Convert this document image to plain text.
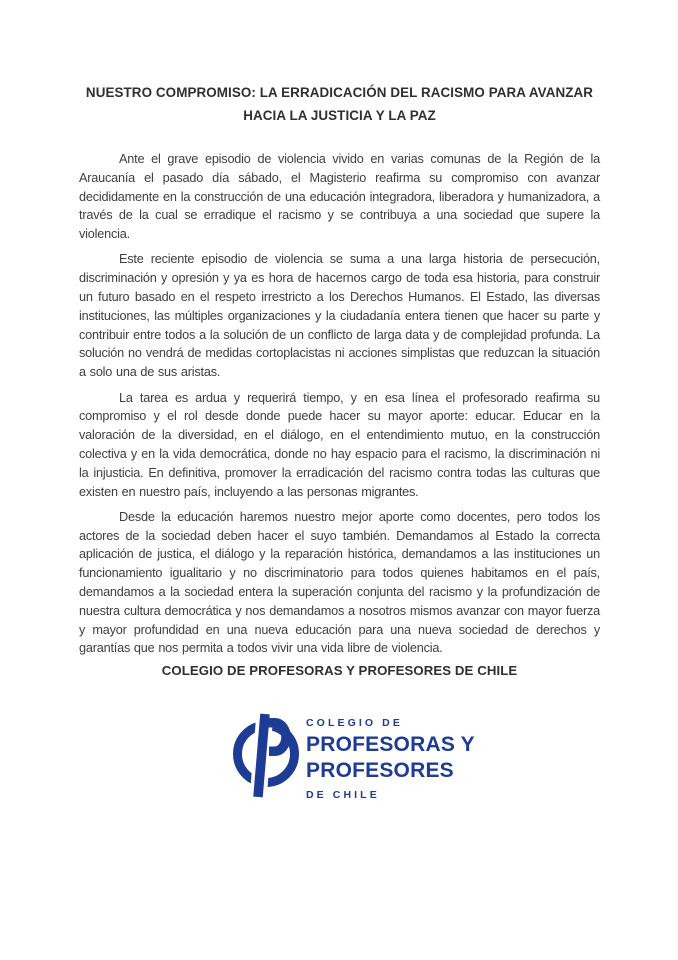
NUESTRO COMPROMISO: LA ERRADICACIÓN DEL RACISMO PARA AVANZAR
HACIA LA JUSTICIA Y LA PAZ

Ante el grave episodio de violencia vivido en varias comunas de la Región de la Araucanía el pasado día sábado, el Magisterio reafirma su compromiso con avanzar decididamente en la construcción de una educación integradora, liberadora y humanizadora, a través de la cual se erradique el racismo y se contribuya a una sociedad que supere la violencia.

Este reciente episodio de violencia se suma a una larga historia de persecución, discriminación y opresión y ya es hora de hacernos cargo de toda esa historia, para construir un futuro basado en el respeto irrestricto a los Derechos Humanos. El Estado, las diversas instituciones, las múltiples organizaciones y la ciudadanía entera tienen que hacer su parte y contribuir entre todos a la solución de un conflicto de larga data y de complejidad profunda. La solución no vendrá de medidas cortoplacistas ni acciones simplistas que reduzcan la situación a solo una de sus aristas.

La tarea es ardua y requerirá tiempo, y en esa línea el profesorado reafirma su compromiso y el rol desde donde puede hacer su mayor aporte: educar. Educar en la valoración de la diversidad, en el diálogo, en el entendimiento mutuo, en la construcción colectiva y en la vida democrática, donde no hay espacio para el racismo, la discriminación ni la injusticia. En definitiva, promover la erradicación del racismo contra todas las culturas que existen en nuestro país, incluyendo a las personas migrantes.

Desde la educación haremos nuestro mejor aporte como docentes, pero todos los actores de la sociedad deben hacer el suyo también. Demandamos al Estado la correcta aplicación de justica, el diálogo y la reparación histórica, demandamos a las instituciones un funcionamiento igualitario y no discriminatorio para todos quienes habitamos en el país, demandamos a la sociedad entera la superación conjunta del racismo y la profundización de nuestra cultura democrática y nos demandamos a nosotros mismos avanzar con mayor fuerza y mayor profundidad en una nueva educación para una nueva sociedad de derechos y garantías que nos permita a todos vivir una vida libre de violencia.

COLEGIO DE PROFESORAS Y PROFESORES DE CHILE
COLEGIO DE
PROFESORAS Y
PROFESORES
DE CHILE
